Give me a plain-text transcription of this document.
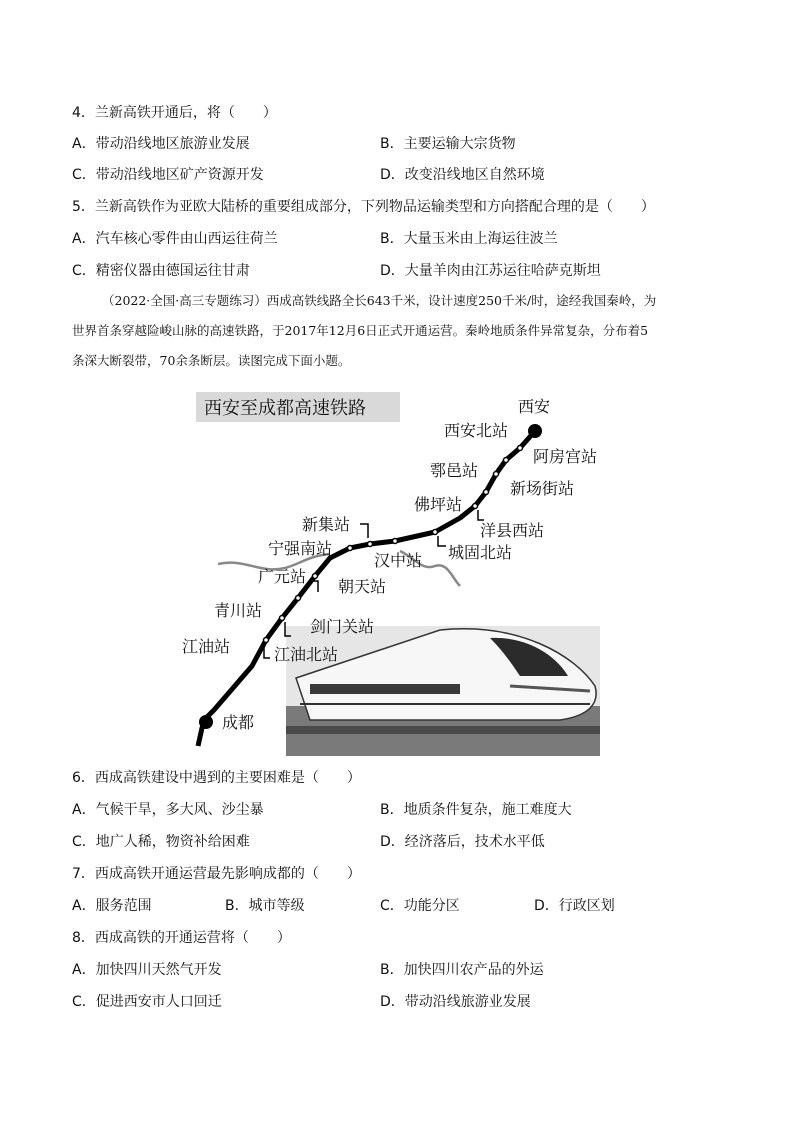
4．兰新高铁开通后，将（　　）
A．带动沿线地区旅游业发展	B．主要运输大宗货物
C．带动沿线地区矿产资源开发	D．改变沿线地区自然环境
5．兰新高铁作为亚欧大陆桥的重要组成部分，下列物品运输类型和方向搭配合理的是（　　）
A．汽车核心零件由山西运往荷兰	B．大量玉米由上海运往波兰
C．精密仪器由德国运往甘肃	D．大量羊肉由江苏运往哈萨克斯坦
（2022·全国·高三专题练习）西成高铁线路全长643千米，设计速度250千米/时，途经我国秦岭，为
世界首条穿越险峻山脉的高速铁路，于2017年12月6日正式开通运营。秦岭地质条件异常复杂，分布着5
条深大断裂带，70余条断层。读图完成下面小题。
西安至成都高速铁路	西安
西安北站
阿房宫站
鄠邑站
新场街站
佛坪站
洋县西站
新集站
城固北站
宁强南站
汉中站
广元站
朝天站
青川站
剑门关站
江油站	江油北站
成都
6．西成高铁建设中遇到的主要困难是（　　）
A．气候干旱，多大风、沙尘暴	B．地质条件复杂，施工难度大
C．地广人稀，物资补给困难	D．经济落后，技术水平低
7．西成高铁开通运营最先影响成都的（　　）
A．服务范围	B．城市等级	C．功能分区	D．行政区划
8．西成高铁的开通运营将（　　）
A．加快四川天然气开发	B．加快四川农产品的外运
C．促进西安市人口回迁	D．带动沿线旅游业发展
